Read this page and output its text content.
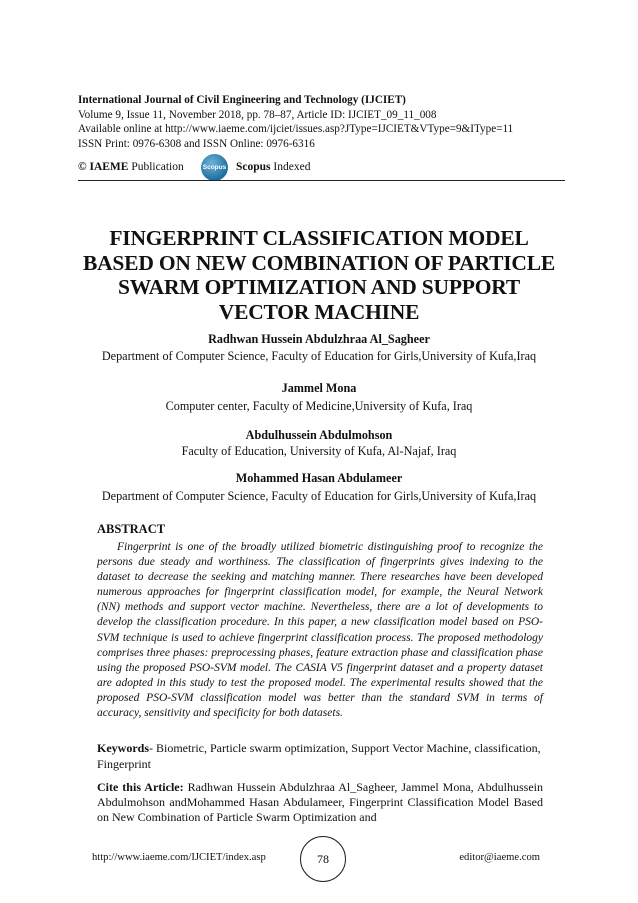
International Journal of Civil Engineering and Technology (IJCIET)
Volume 9, Issue 11, November 2018, pp. 78–87, Article ID: IJCIET_09_11_008
Available online at http://www.iaeme.com/ijciet/issues.asp?JType=IJCIET&VType=9&IType=11
ISSN Print: 0976-6308 and ISSN Online: 0976-6316
© IAEME Publication	Scopus Scopus Indexed
FINGERPRINT CLASSIFICATION MODEL
BASED ON NEW COMBINATION OF PARTICLE
SWARM OPTIMIZATION AND SUPPORT
VECTOR MACHINE
Radhwan Hussein Abdulzhraa Al_Sagheer
Department of Computer Science, Faculty of Education for Girls,University of Kufa,Iraq
Jammel Mona
Computer center, Faculty of Medicine,University of Kufa, Iraq
Abdulhussein Abdulmohson
Faculty of Education, University of Kufa, Al-Najaf, Iraq
Mohammed Hasan Abdulameer
Department of Computer Science, Faculty of Education for Girls,University of Kufa,Iraq
ABSTRACT
Fingerprint is one of the broadly utilized biometric distinguishing proof to recognize the persons due steady and worthiness. The classification of fingerprints gives indexing to the dataset to decrease the seeking and matching manner. There researches have been developed numerous approaches for fingerprint classification model, for example, the Neural Network (NN) methods and support vector machine. Nevertheless, there are a lot of developments to develop the classification procedure. In this paper, a new classification model based on PSO-SVM technique is used to achieve fingerprint classification process. The proposed methodology comprises three phases: preprocessing phases, feature extraction phase and classification phase using the proposed PSO-SVM model. The CASIA V5 fingerprint dataset and a property dataset are adopted in this study to test the proposed model. The experimental results showed that the proposed PSO-SVM classification model was better than the standard SVM in terms of accuracy, sensitivity and specificity for both datasets.
Keywords- Biometric, Particle swarm optimization, Support Vector Machine, classification, Fingerprint
Cite this Article: Radhwan Hussein Abdulzhraa Al_Sagheer, Jammel Mona, Abdulhussein Abdulmohson andMohammed Hasan Abdulameer, Fingerprint Classification Model Based on New Combination of Particle Swarm Optimization and
http://www.iaeme.com/IJCIET/index.asp	78	editor@iaeme.com
